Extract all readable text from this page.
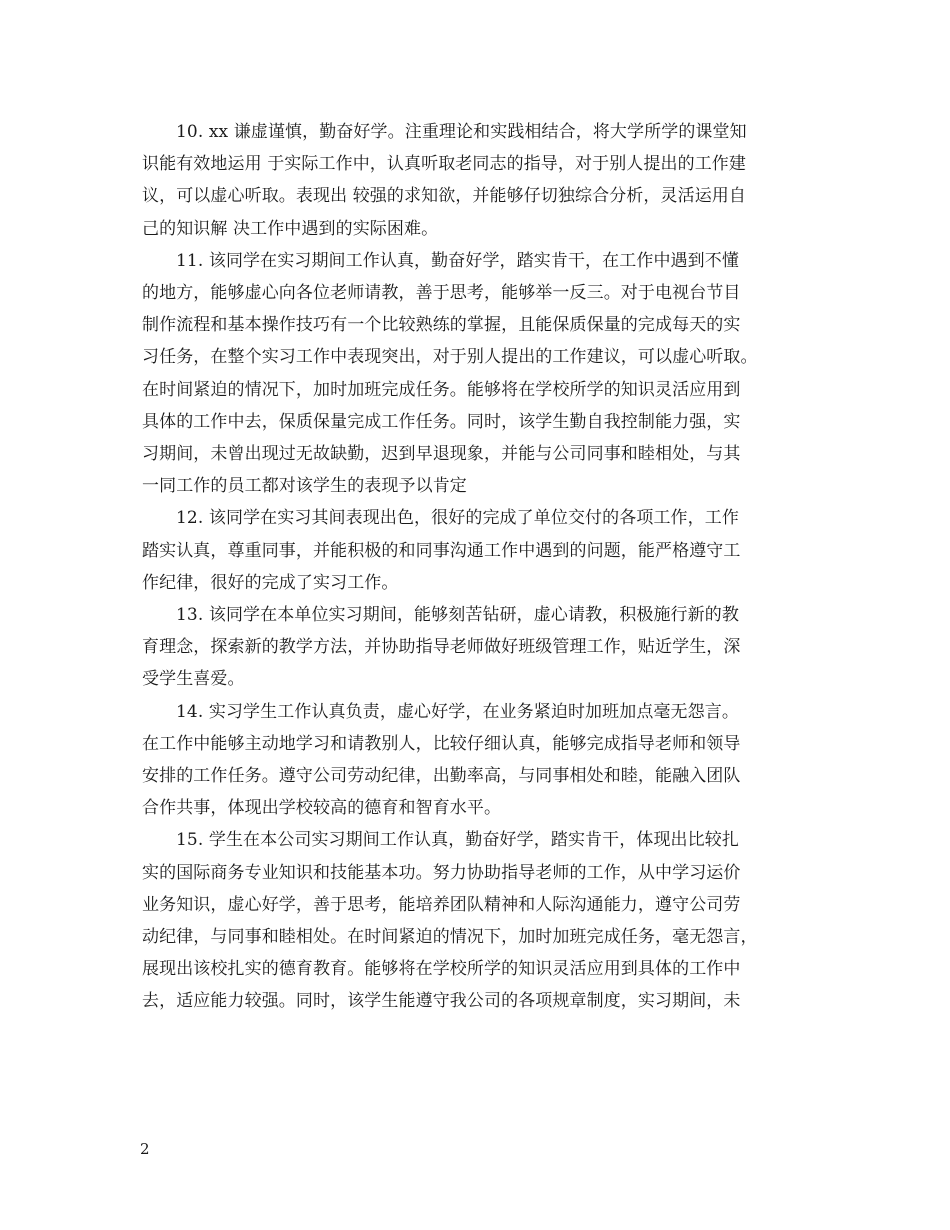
10. xx 谦虚谨慎，勤奋好学。注重理论和实践相结合，将大学所学的课堂知
识能有效地运用 于实际工作中，认真听取老同志的指导，对于别人提出的工作建
议，可以虚心听取。表现出 较强的求知欲，并能够仔切独综合分析，灵活运用自
己的知识解 决工作中遇到的实际困难。

11. 该同学在实习期间工作认真，勤奋好学，踏实肯干，在工作中遇到不懂
的地方，能够虚心向各位老师请教，善于思考，能够举一反三。对于电视台节目
制作流程和基本操作技巧有一个比较熟练的掌握，且能保质保量的完成每天的实
习任务，在整个实习工作中表现突出，对于别人提出的工作建议，可以虚心听取。
在时间紧迫的情况下，加时加班完成任务。能够将在学校所学的知识灵活应用到
具体的工作中去，保质保量完成工作任务。同时，该学生勤自我控制能力强，实
习期间，未曾出现过无故缺勤，迟到早退现象，并能与公司同事和睦相处，与其
一同工作的员工都对该学生的表现予以肯定

12. 该同学在实习其间表现出色，很好的完成了单位交付的各项工作，工作
踏实认真，尊重同事，并能积极的和同事沟通工作中遇到的问题，能严格遵守工
作纪律，很好的完成了实习工作。

13. 该同学在本单位实习期间，能够刻苦钻研，虚心请教，积极施行新的教
育理念，探索新的教学方法，并协助指导老师做好班级管理工作，贴近学生，深
受学生喜爱。

14. 实习学生工作认真负责，虚心好学，在业务紧迫时加班加点毫无怨言。
在工作中能够主动地学习和请教别人，比较仔细认真，能够完成指导老师和领导
安排的工作任务。遵守公司劳动纪律，出勤率高，与同事相处和睦，能融入团队
合作共事，体现出学校较高的德育和智育水平。

15. 学生在本公司实习期间工作认真，勤奋好学，踏实肯干，体现出比较扎
实的国际商务专业知识和技能基本功。努力协助指导老师的工作，从中学习运价
业务知识，虚心好学，善于思考，能培养团队精神和人际沟通能力，遵守公司劳
动纪律，与同事和睦相处。在时间紧迫的情况下，加时加班完成任务，毫无怨言，
展现出该校扎实的德育教育。能够将在学校所学的知识灵活应用到具体的工作中
去，适应能力较强。同时，该学生能遵守我公司的各项规章制度，实习期间，未

2
